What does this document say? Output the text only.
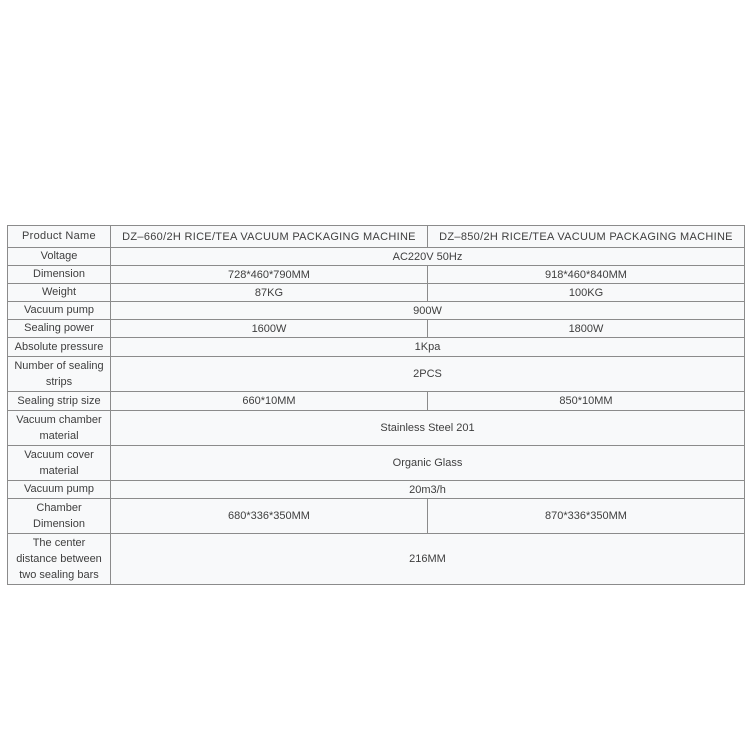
Product Name	DZ–660/2H RICE/TEA VACUUM PACKAGING MACHINE	DZ–850/2H RICE/TEA VACUUM PACKAGING MACHINE
Voltage	AC220V 50Hz	
Dimension	728*460*790MM	918*460*840MM
Weight	87KG	100KG
Vacuum pump	900W	
Sealing power	1600W	1800W
Absolute pressure	1Kpa	
Number of sealing strips	2PCS	
Sealing strip size	660*10MM	850*10MM
Vacuum chamber material	Stainless Steel 201	
Vacuum cover material	Organic Glass	
Vacuum pump	20m3/h	
Chamber Dimension	680*336*350MM	870*336*350MM
The center distance between two sealing bars	216MM	
